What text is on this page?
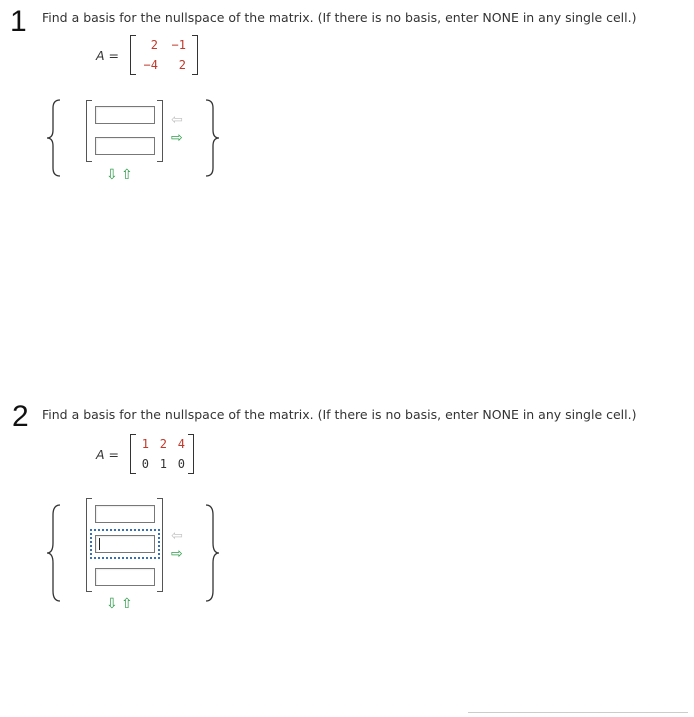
1 Find a basis for the nullspace of the matrix. (If there is no basis, enter NONE in any single cell.)
A =
2	−1
−4	2
⇦
⇨
⇩ ⇧
2 Find a basis for the nullspace of the matrix. (If there is no basis, enter NONE in any single cell.)
A =
1 2 4
0 1 0
⇦
⇨
⇩ ⇧
